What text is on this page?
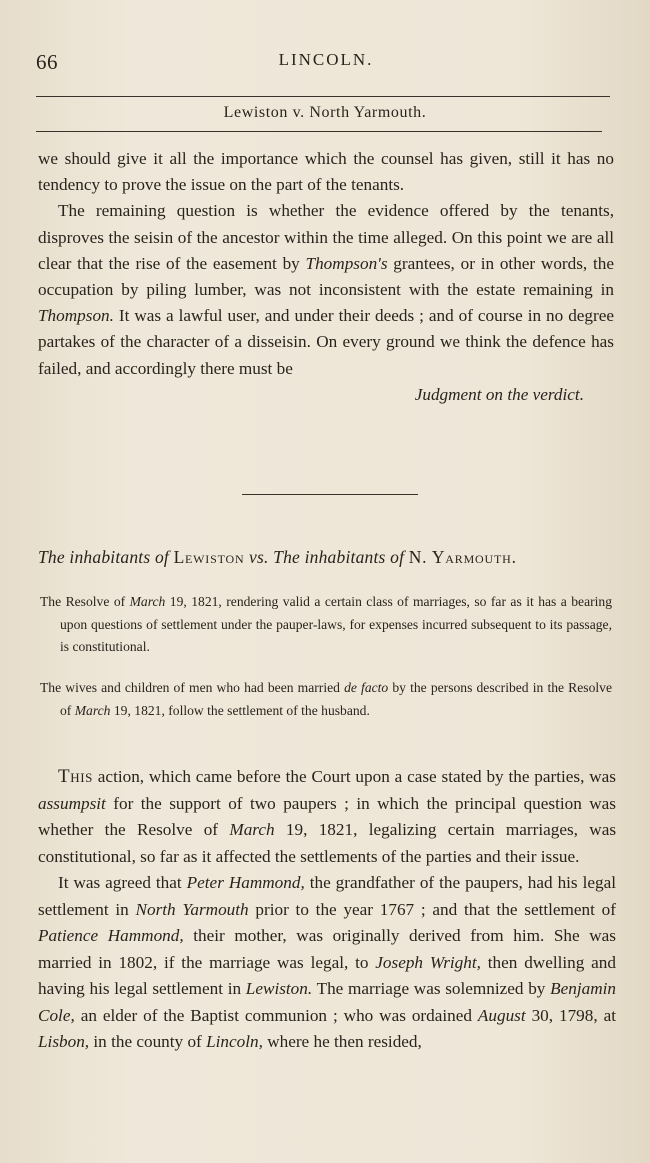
66	LINCOLN.
Lewiston v. North Yarmouth.

we should give it all the importance which the counsel has given, still it has no tendency to prove the issue on the part of the tenants.

The remaining question is whether the evidence offered by the tenants, disproves the seisin of the ancestor within the time alleged. On this point we are all clear that the rise of the easement by Thompson's grantees, or in other words, the occupation by piling lumber, was not inconsistent with the estate remaining in Thompson. It was a lawful user, and under their deeds ; and of course in no degree partakes of the character of a disseisin. On every ground we think the defence has failed, and accordingly there must be

Judgment on the verdict.

The inhabitants of Lewiston vs. The inhabitants of N. Yarmouth.

The Resolve of March 19, 1821, rendering valid a certain class of marriages, so far as it has a bearing upon questions of settlement under the pauper-laws, for expenses incurred subsequent to its passage, is constitutional.

The wives and children of men who had been married de facto by the persons described in the Resolve of March 19, 1821, follow the settlement of the husband.

This action, which came before the Court upon a case stated by the parties, was assumpsit for the support of two paupers ; in which the principal question was whether the Resolve of March 19, 1821, legalizing certain marriages, was constitutional, so far as it affected the settlements of the parties and their issue.

It was agreed that Peter Hammond, the grandfather of the paupers, had his legal settlement in North Yarmouth prior to the year 1767 ; and that the settlement of Patience Hammond, their mother, was originally derived from him. She was married in 1802, if the marriage was legal, to Joseph Wright, then dwelling and having his legal settlement in Lewiston. The marriage was solemnized by Benjamin Cole, an elder of the Baptist communion ; who was ordained August 30, 1798, at Lisbon, in the county of Lincoln, where he then resided,
